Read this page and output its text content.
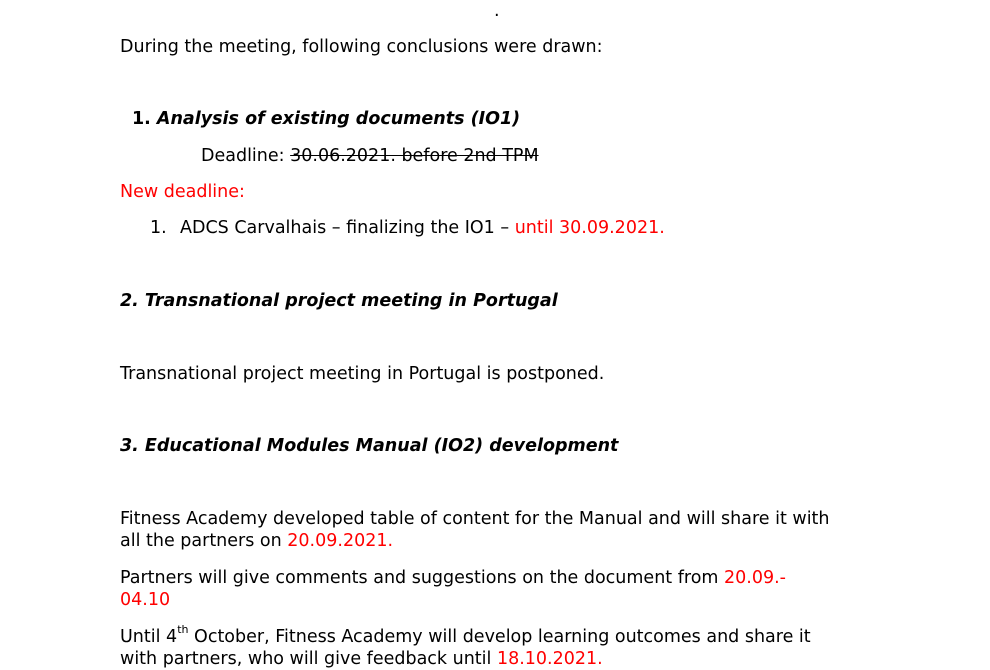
.
During the meeting, following conclusions were drawn:
1. Analysis of existing documents (IO1)
Deadline: 30.06.2021. before 2nd TPM
New deadline:
1. ADCS Carvalhais – finalizing the IO1 – until 30.09.2021.
2. Transnational project meeting in Portugal
Transnational project meeting in Portugal is postponed.
3. Educational Modules Manual (IO2) development
Fitness Academy developed table of content for the Manual and will share it with
all the partners on 20.09.2021.
Partners will give comments and suggestions on the document from 20.09.-
04.10
Until 4th October, Fitness Academy will develop learning outcomes and share it
with partners, who will give feedback until 18.10.2021.
